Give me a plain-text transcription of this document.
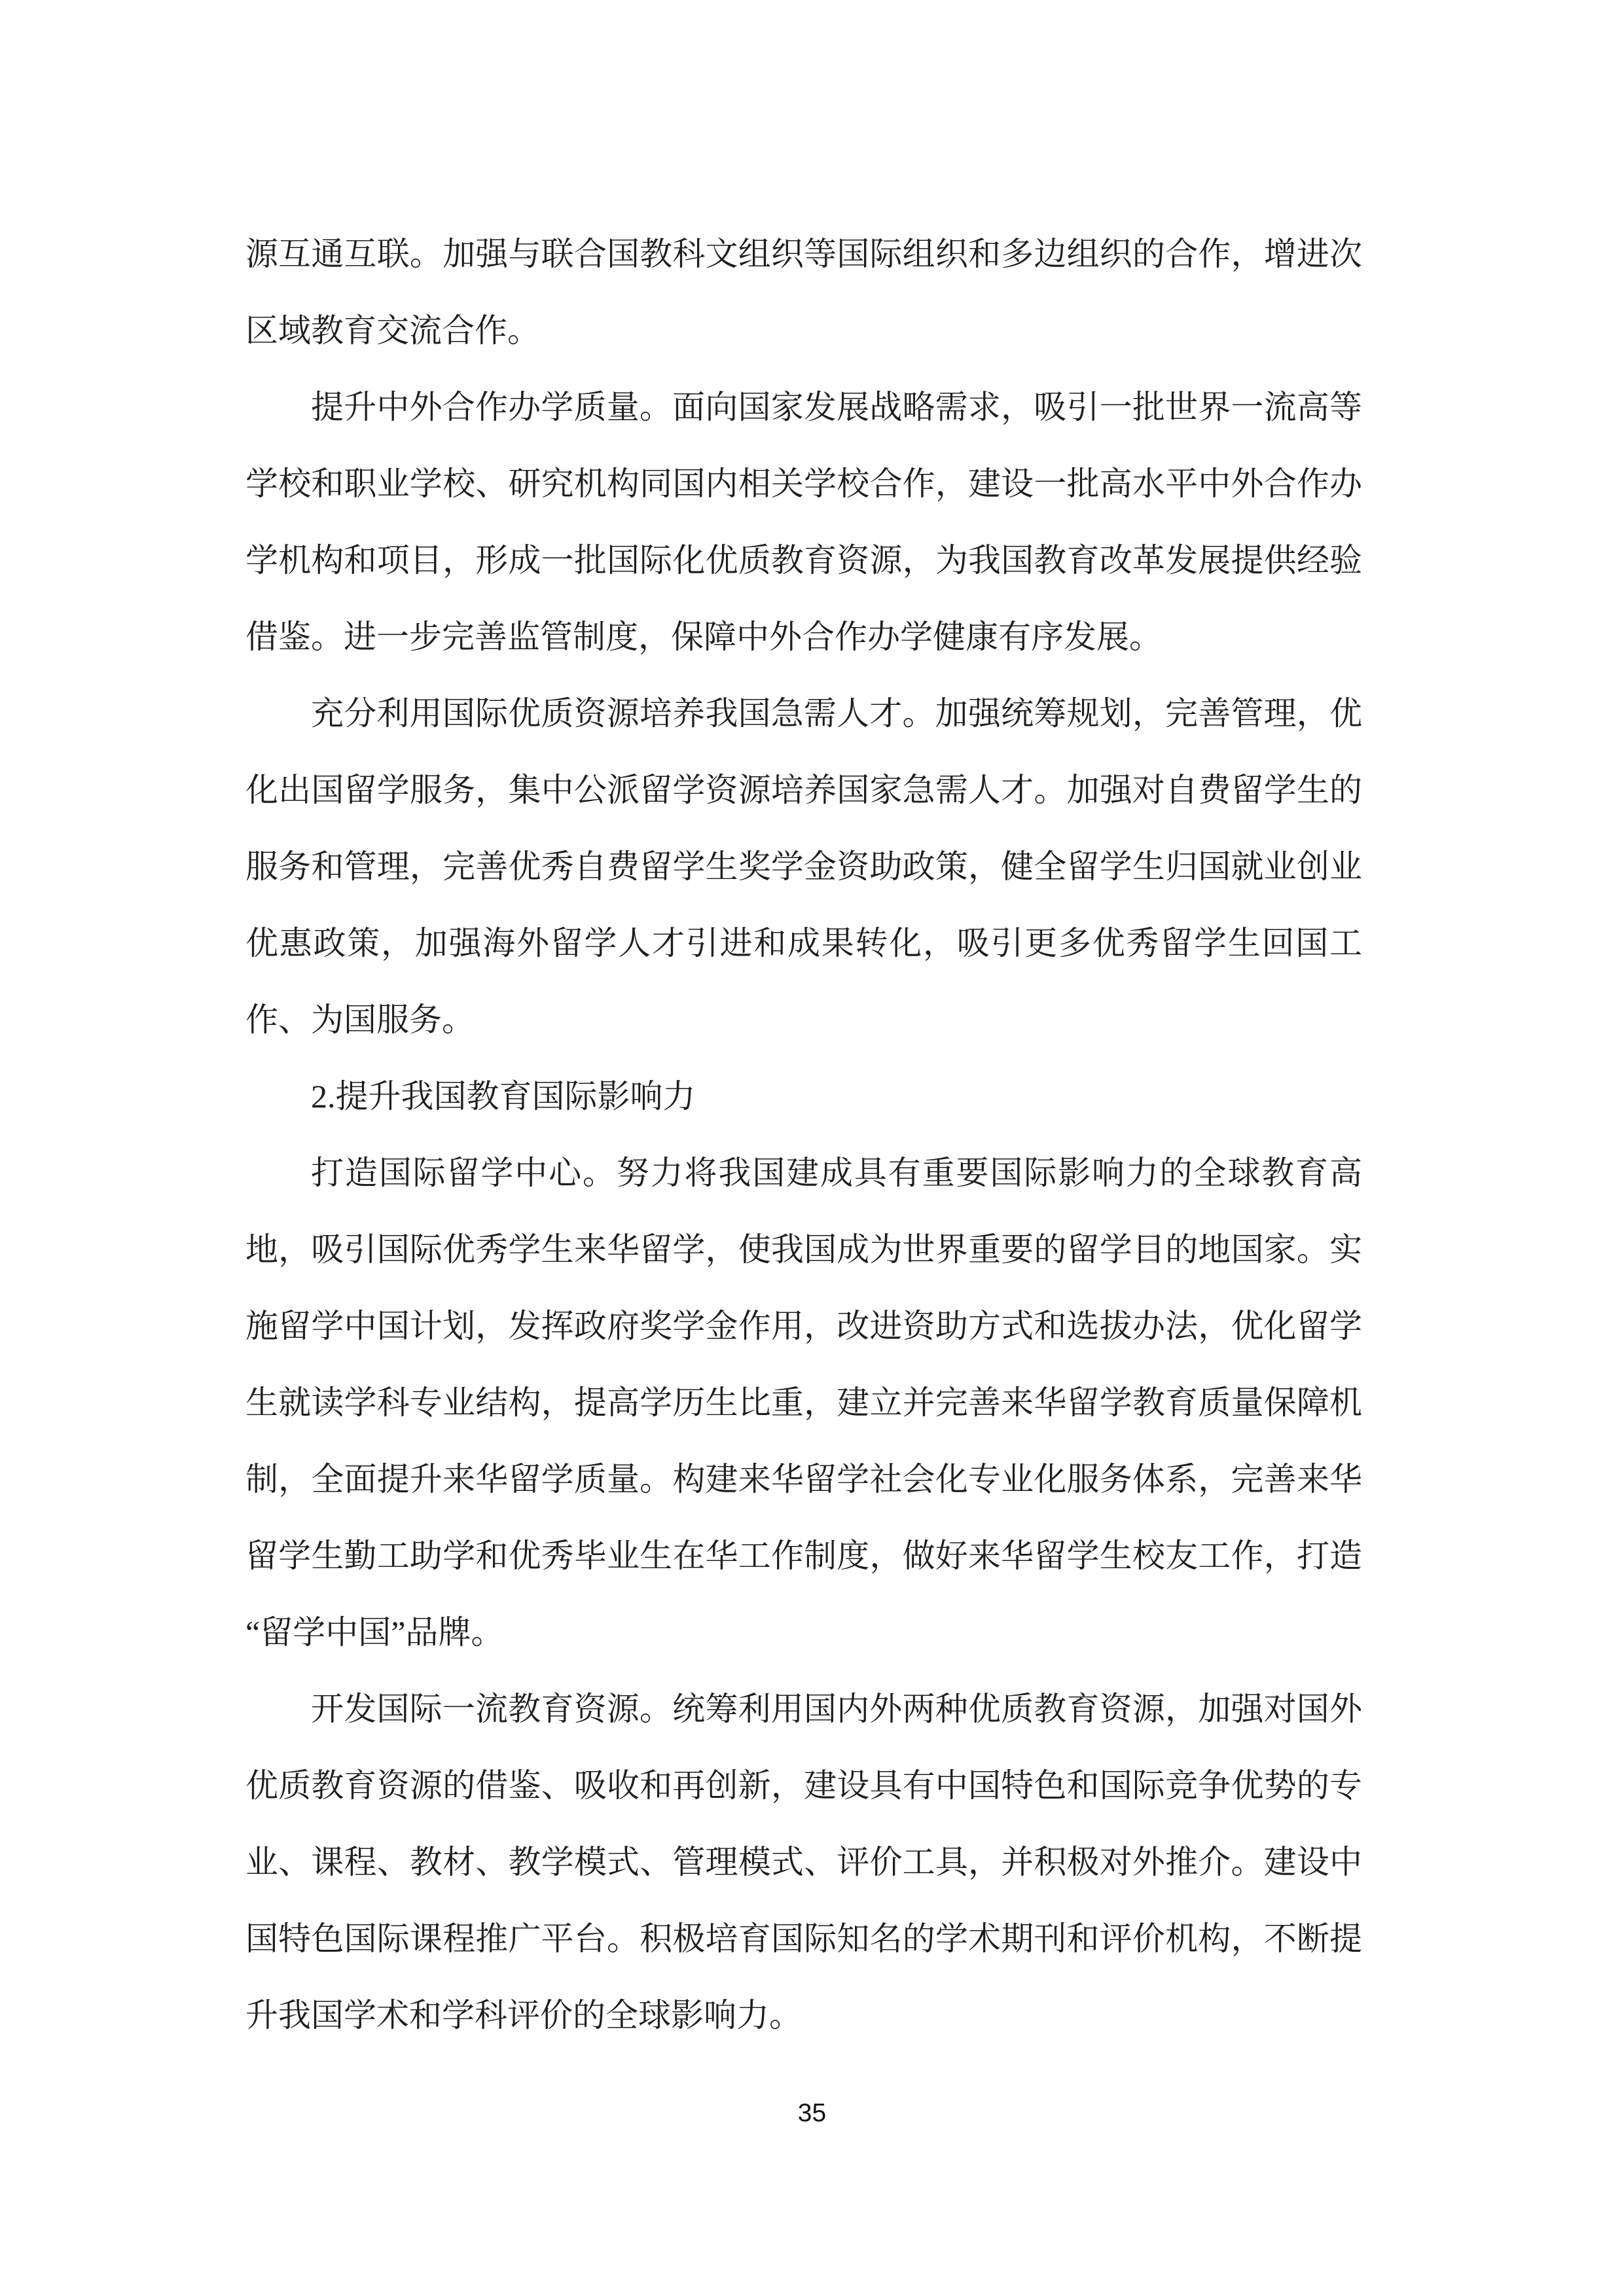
源互通互联。加强与联合国教科文组织等国际组织和多边组织的合作，增进次
区域教育交流合作。
提升中外合作办学质量。面向国家发展战略需求，吸引一批世界一流高等
学校和职业学校、研究机构同国内相关学校合作，建设一批高水平中外合作办
学机构和项目，形成一批国际化优质教育资源，为我国教育改革发展提供经验
借鉴。进一步完善监管制度，保障中外合作办学健康有序发展。
充分利用国际优质资源培养我国急需人才。加强统筹规划，完善管理，优
化出国留学服务，集中公派留学资源培养国家急需人才。加强对自费留学生的
服务和管理，完善优秀自费留学生奖学金资助政策，健全留学生归国就业创业
优惠政策，加强海外留学人才引进和成果转化，吸引更多优秀留学生回国工
作、为国服务。
2.提升我国教育国际影响力
打造国际留学中心。努力将我国建成具有重要国际影响力的全球教育高
地，吸引国际优秀学生来华留学，使我国成为世界重要的留学目的地国家。实
施留学中国计划，发挥政府奖学金作用，改进资助方式和选拔办法，优化留学
生就读学科专业结构，提高学历生比重，建立并完善来华留学教育质量保障机
制，全面提升来华留学质量。构建来华留学社会化专业化服务体系，完善来华
留学生勤工助学和优秀毕业生在华工作制度，做好来华留学生校友工作，打造
“留学中国”品牌。
开发国际一流教育资源。统筹利用国内外两种优质教育资源，加强对国外
优质教育资源的借鉴、吸收和再创新，建设具有中国特色和国际竞争优势的专
业、课程、教材、教学模式、管理模式、评价工具，并积极对外推介。建设中
国特色国际课程推广平台。积极培育国际知名的学术期刊和评价机构，不断提
升我国学术和学科评价的全球影响力。
35
